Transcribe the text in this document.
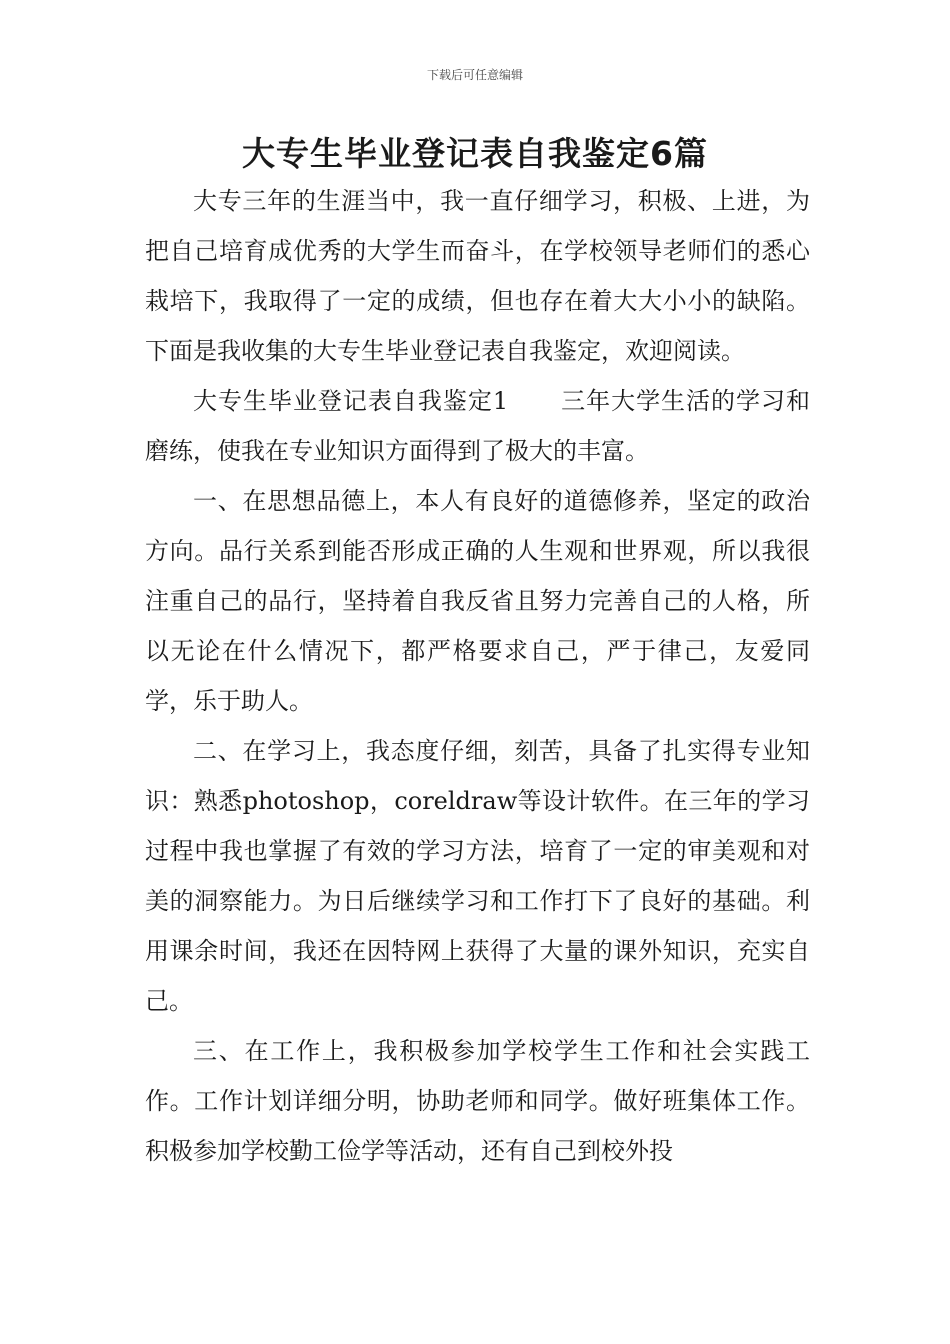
下载后可任意编辑
大专生毕业登记表自我鉴定6篇

大专三年的生涯当中，我一直仔细学习，积极、上进，为把自己培育成优秀的大学生而奋斗，在学校领导老师们的悉心栽培下，我取得了一定的成绩，但也存在着大大小小的缺陷。下面是我收集的大专生毕业登记表自我鉴定，欢迎阅读。

大专生毕业登记表自我鉴定1 三年大学生活的学习和磨练，使我在专业知识方面得到了极大的丰富。

一、在思想品德上，本人有良好的道德修养，坚定的政治方向。品行关系到能否形成正确的人生观和世界观，所以我很注重自己的品行，坚持着自我反省且努力完善自己的人格，所以无论在什么情况下，都严格要求自己，严于律己，友爱同学，乐于助人。

二、在学习上，我态度仔细，刻苦，具备了扎实得专业知识：熟悉photoshop，coreldraw等设计软件。在三年的学习过程中我也掌握了有效的学习方法，培育了一定的审美观和对美的洞察能力。为日后继续学习和工作打下了良好的基础。利用课余时间，我还在因特网上获得了大量的课外知识，充实自己。

三、在工作上，我积极参加学校学生工作和社会实践工作。工作计划详细分明，协助老师和同学。做好班集体工作。积极参加学校勤工俭学等活动，还有自己到校外投
